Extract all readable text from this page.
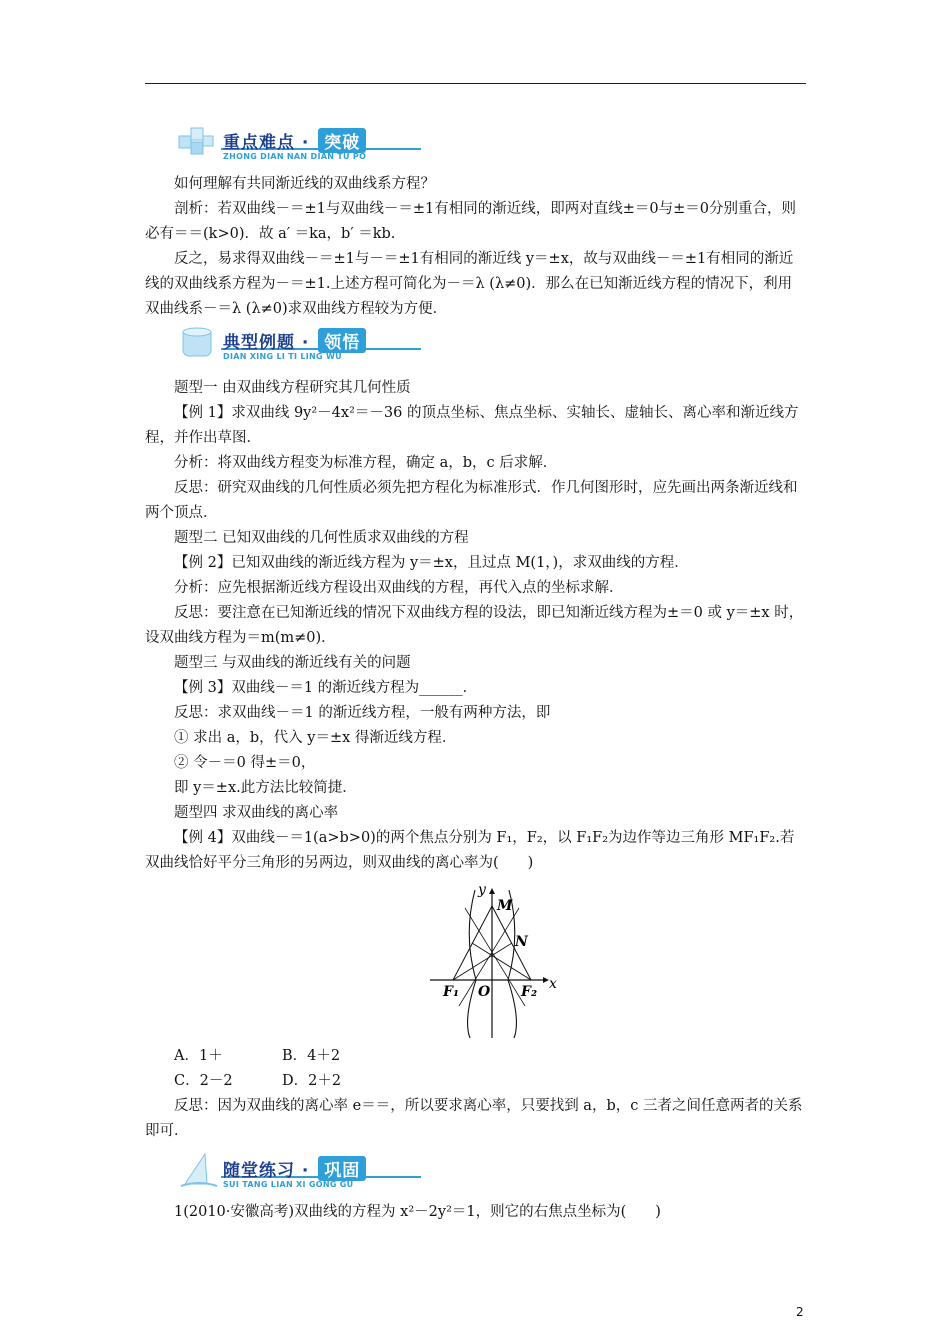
重点难点 · 突破
ZHONG DIAN NAN DIAN TU PO

如何理解有共同渐近线的双曲线系方程？

剖析：若双曲线－＝±1与双曲线－＝±1有相同的渐近线，即两对直线±＝0与±＝0分别重合，则必有＝＝(k>0)．故 a′ ＝ka，b′ ＝kb.

反之，易求得双曲线－＝±1与－＝±1有相同的渐近线 y＝±x，故与双曲线－＝±1有相同的渐近线的双曲线系方程为－＝±1.上述方程可简化为－＝λ (λ≠0)．那么在已知渐近线方程的情况下，利用双曲线系－＝λ (λ≠0)求双曲线方程较为方便．

典型例题 · 领悟
DIAN XING LI TI LING WU

题型一 由双曲线方程研究其几何性质

【例 1】求双曲线 9y²－4x²＝－36 的顶点坐标、焦点坐标、实轴长、虚轴长、离心率和渐近线方程，并作出草图．

分析：将双曲线方程变为标准方程，确定 a，b，c 后求解．

反思：研究双曲线的几何性质必须先把方程化为标准形式．作几何图形时，应先画出两条渐近线和两个顶点．

题型二 已知双曲线的几何性质求双曲线的方程

【例 2】已知双曲线的渐近线方程为 y＝±x，且过点 M(1，)，求双曲线的方程．

分析：应先根据渐近线方程设出双曲线的方程，再代入点的坐标求解．

反思：要注意在已知渐近线的情况下双曲线方程的设法，即已知渐近线方程为±＝0 或 y＝±x 时，设双曲线方程为＝m(m≠0)．

题型三 与双曲线的渐近线有关的问题

【例 3】双曲线－＝1 的渐近线方程为______．

反思：求双曲线－＝1 的渐近线方程，一般有两种方法，即

① 求出 a，b，代入 y＝±x 得渐近线方程．

② 令－＝0 得±＝0，

即 y＝±x.此方法比较简捷．

题型四 求双曲线的离心率

【例 4】双曲线－＝1(a>b>0)的两个焦点分别为 F₁，F₂，以 F₁F₂为边作等边三角形 MF₁F₂.若双曲线恰好平分三角形的另两边，则双曲线的离心率为(　　)

y
M
N
F₁ O F₂ x

A．1＋	B．4＋2

C．2－2	D．2＋2

反思：因为双曲线的离心率 e＝＝，所以要求离心率，只要找到 a，b，c 三者之间任意两者的关系即可．

随堂练习 · 巩固
SUI TANG LIAN XI GONG GU

1(2010·安徽高考)双曲线的方程为 x²－2y²＝1，则它的右焦点坐标为(　　)

2
